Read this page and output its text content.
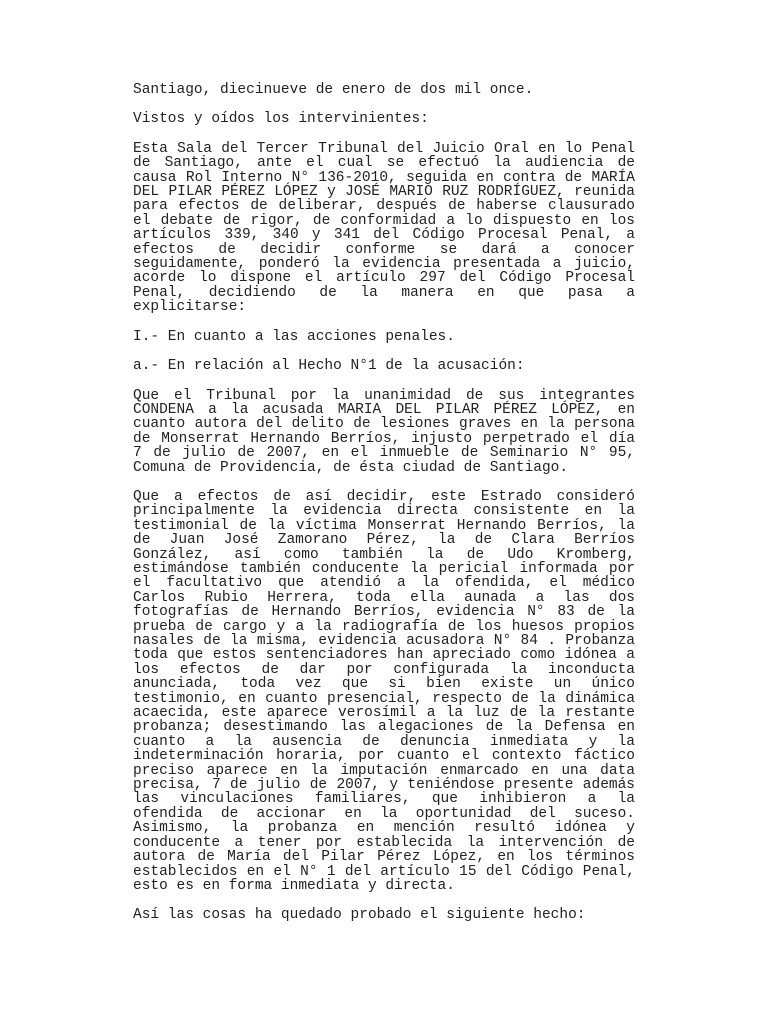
Santiago, diecinueve de enero de dos mil once.

Vistos y oídos los intervinientes:

Esta Sala del Tercer Tribunal del Juicio Oral en lo Penal de Santiago, ante el cual se efectuó la audiencia de causa Rol Interno N° 136-2010, seguida en contra de MARÍA DEL PILAR PÉREZ LÓPEZ y JOSÉ MARIO RUZ RODRÍGUEZ, reunida para efectos de deliberar, después de haberse clausurado el debate de rigor, de conformidad a lo dispuesto en los artículos 339, 340 y 341 del Código Procesal Penal, a efectos de decidir conforme se dará a conocer seguidamente, ponderó la evidencia presentada a juicio, acorde lo dispone el artículo 297 del Código Procesal Penal, decidiendo de la manera en que pasa a explicitarse:

I.- En cuanto a las acciones penales.

a.- En relación al Hecho N°1 de la acusación:

Que el Tribunal por la unanimidad de sus integrantes CONDENA a la acusada MARIA DEL PILAR PÉREZ LÓPEZ, en cuanto autora del delito de lesiones graves en la persona de Monserrat Hernando Berríos, injusto perpetrado el día 7 de julio de 2007, en el inmueble de Seminario N° 95, Comuna de Providencia, de ésta ciudad de Santiago.

Que a efectos de así decidir, este Estrado consideró principalmente la evidencia directa consistente en la testimonial de la víctima Monserrat Hernando Berríos, la de Juan José Zamorano Pérez, la de Clara Berríos González, así como también la de Udo Kromberg, estimándose también conducente la pericial informada por el facultativo que atendió a la ofendida, el médico Carlos Rubio Herrera, toda ella aunada a las dos fotografías de Hernando Berríos, evidencia N° 83 de la prueba de cargo y a la radiografía de los huesos propios nasales de la misma, evidencia acusadora N° 84 . Probanza toda que estos sentenciadores han apreciado como idónea a los efectos de dar por configurada la inconducta anunciada, toda vez que si bien existe un único testimonio, en cuanto presencial, respecto de la dinámica acaecida, este aparece verosímil a la luz de la restante probanza; desestimando las alegaciones de la Defensa en cuanto a la ausencia de denuncia inmediata y la indeterminación horaria, por cuanto el contexto fáctico preciso aparece en la imputación enmarcado en una data precisa, 7 de julio de 2007, y teniéndose presente además las vinculaciones familiares, que inhibieron a la ofendida de accionar en la oportunidad del suceso. Asimismo, la probanza en mención resultó idónea y conducente a tener por establecida la intervención de autora de María del Pilar Pérez López, en los términos establecidos en el N° 1 del artículo 15 del Código Penal, esto es en forma inmediata y directa.

Así las cosas ha quedado probado el siguiente hecho:
